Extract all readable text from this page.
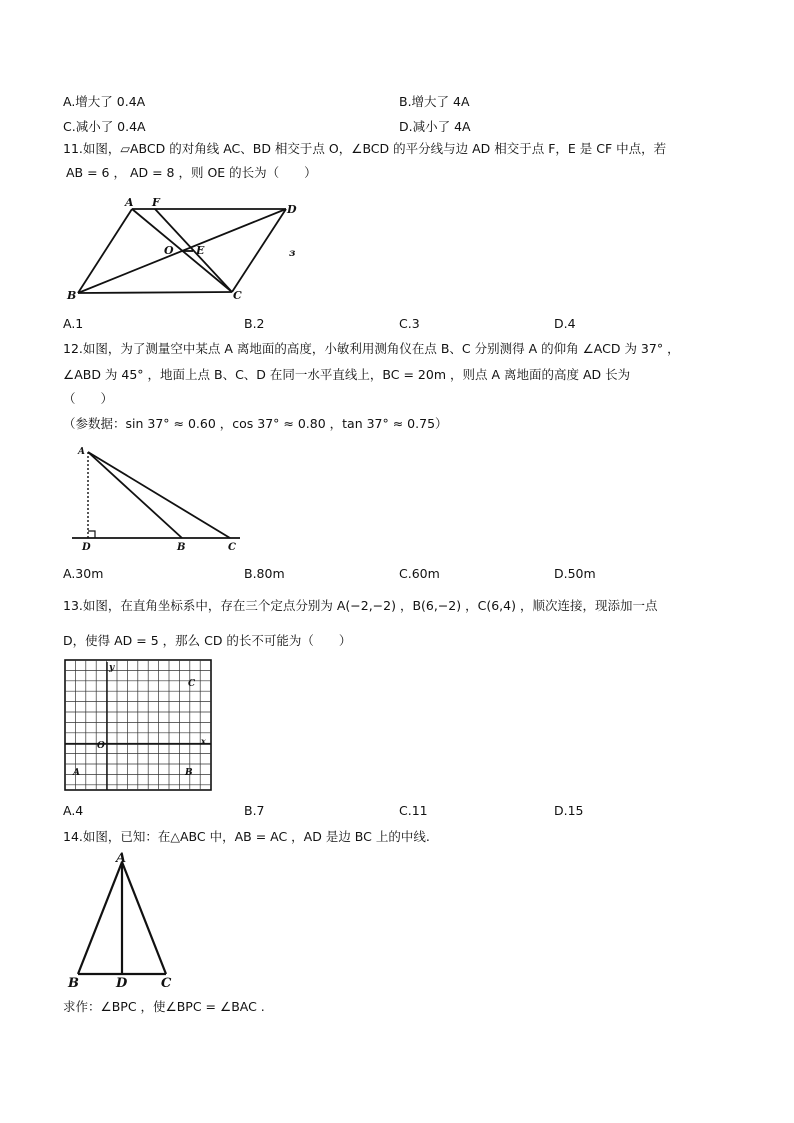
A.增大了 0.4A	B.增大了 4A
C.减小了 0.4A	D.减小了 4A
11.如图，▱ABCD 的对角线 AC、BD 相交于点 O，∠BCD 的平分线与边 AD 相交于点 F，E 是 CF 中点，若
AB = 6 ， AD = 8 ，则 OE 的长为（　　）
A F
D
O E
B	C
з
A.1	B.2	C.3	D.4
12.如图，为了测量空中某点 A 离地面的高度，小敏利用测角仪在点 B、C 分别测得 A 的仰角 ∠ACD 为 37° ，
∠ABD 为 45° ，地面上点 B、C、D 在同一水平直线上，BC = 20m ，则点 A 离地面的高度 AD 长为
（　　）
（参数据：sin 37° ≈ 0.60 ，cos 37° ≈ 0.80 ，tan 37° ≈ 0.75）
A
D	B	C
A.30m	B.80m	C.60m	D.50m
13.如图，在直角坐标系中，存在三个定点分别为 A(−2,−2) ，B(6,−2) ，C(6,4) ，顺次连接，现添加一点
D，使得 AD = 5 ，那么 CD 的长不可能为（　　）
y
x
O
C
A	B
A.4	B.7	C.11	D.15
14.如图，已知：在△ABC 中，AB = AC ，AD 是边 BC 上的中线.
A
B	D	C
求作：∠BPC ，使∠BPC = ∠BAC .
